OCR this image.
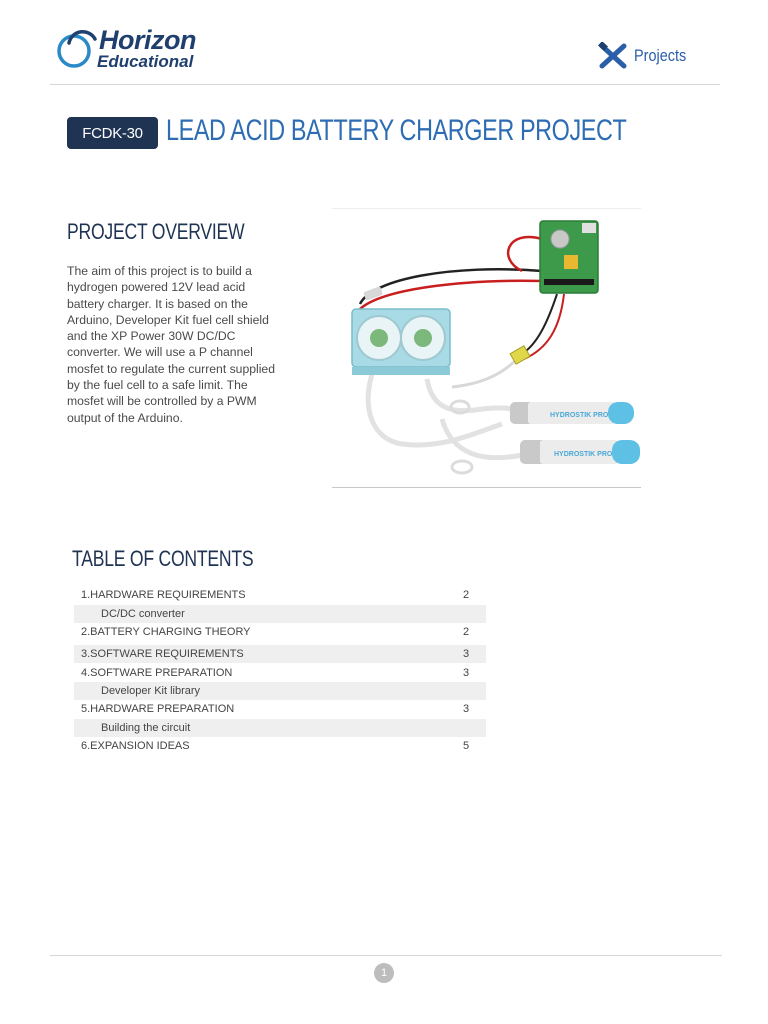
Horizon
Educational	Projects
FCDK-30 LEAD ACID BATTERY CHARGER PROJECT
PROJECT OVERVIEW

The aim of this project is to build a hydrogen powered 12V lead acid battery charger. It is based on the Arduino, Developer Kit fuel cell shield and the XP Power 30W DC/DC converter. We will use a P channel mosfet to regulate the current supplied by the fuel cell to a safe limit. The mosfet will be controlled by a PWM output of the Arduino.	HYDROSTIK PRO
HYDROSTIK PRO
TABLE OF CONTENTS
1.HARDWARE REQUIREMENTS	2
DC/DC converter
2.BATTERY CHARGING THEORY	2
3.SOFTWARE REQUIREMENTS	3
4.SOFTWARE PREPARATION	3
Developer Kit library
5.HARDWARE PREPARATION	3
Building the circuit
6.EXPANSION IDEAS	5
1
